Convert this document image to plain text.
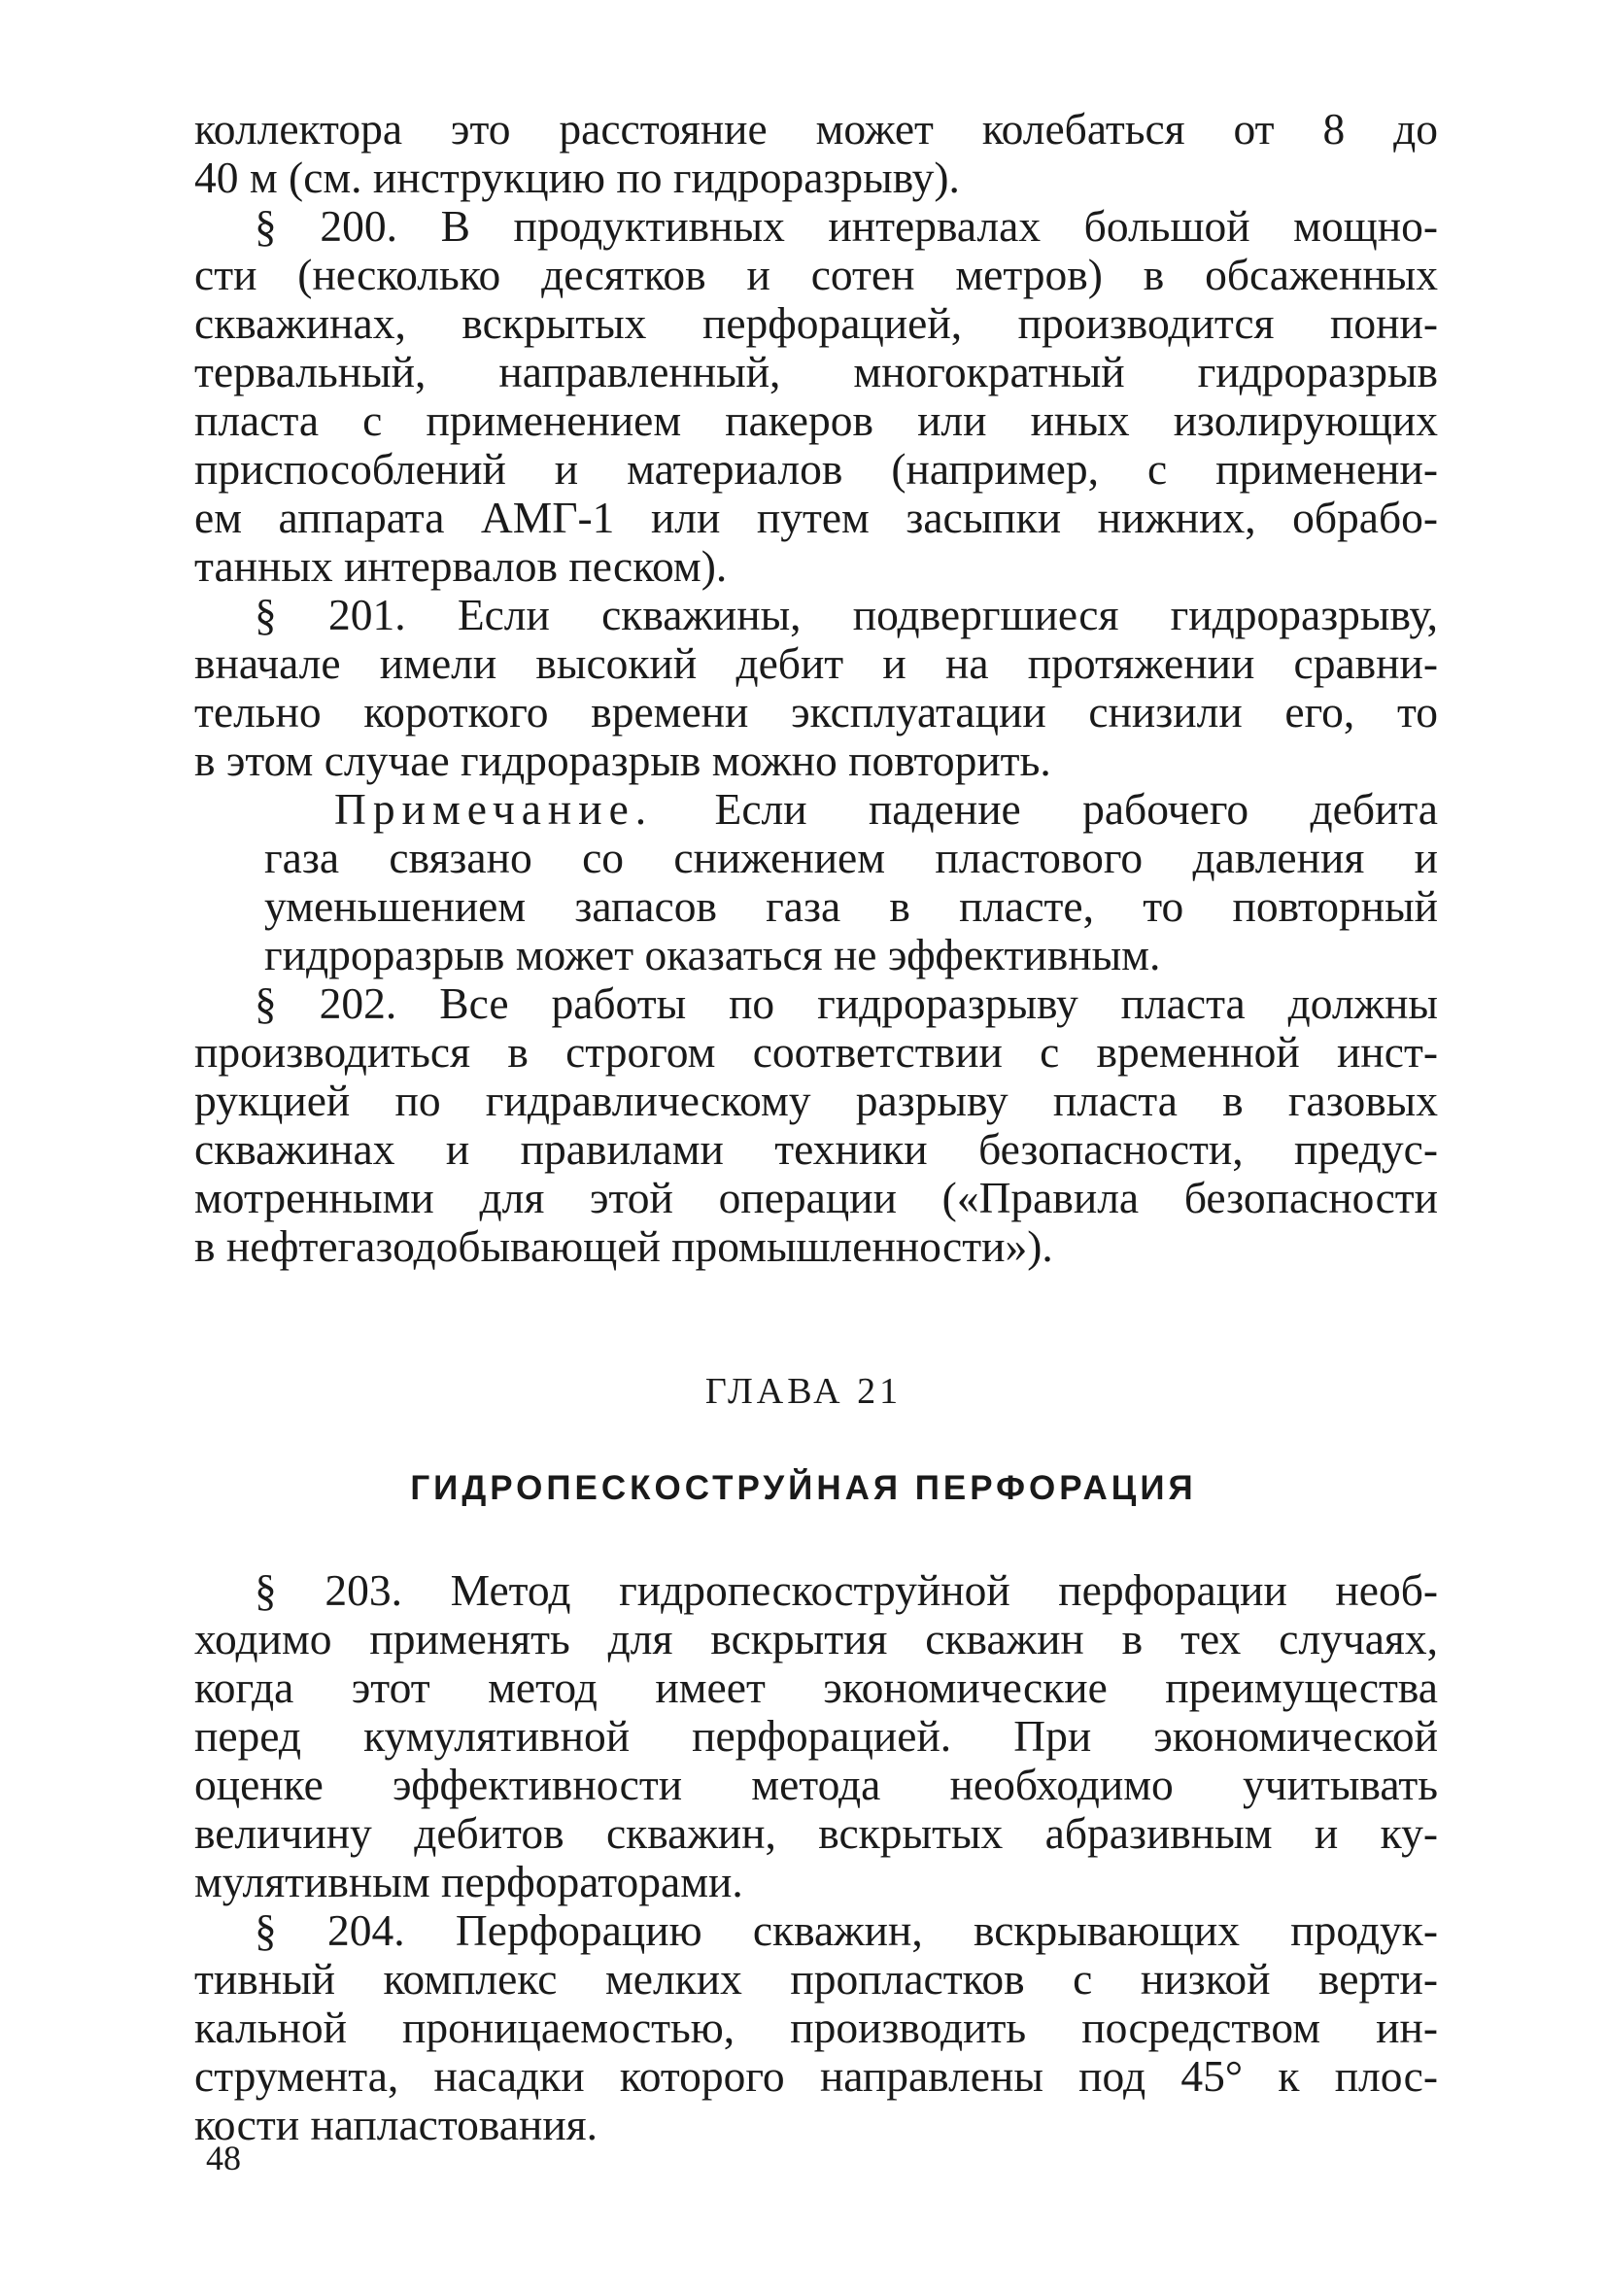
коллектора это расстояние может колебаться от 8 до
40 м (см. инструкцию по гидроразрыву).
§ 200. В продуктивных интервалах большой мощно-
сти (несколько десятков и сотен метров) в обсаженных
скважинах, вскрытых перфорацией, производится пони-
тервальный, направленный, многократный гидроразрыв
пласта с применением пакеров или иных изолирующих
приспособлений и материалов (например, с применени-
ем аппарата АМГ-1 или путем засыпки нижних, обрабо-
танных интервалов песком).
§ 201. Если скважины, подвергшиеся гидроразрыву,
вначале имели высокий дебит и на протяжении сравни-
тельно короткого времени эксплуатации снизили его, то
в этом случае гидроразрыв можно повторить.
Примечание. Если падение рабочего дебита
газа связано со снижением пластового давления и
уменьшением запасов газа в пласте, то повторный
гидроразрыв может оказаться не эффективным.
§ 202. Все работы по гидроразрыву пласта должны
производиться в строгом соответствии с временной инст-
рукцией по гидравлическому разрыву пласта в газовых
скважинах и правилами техники безопасности, предус-
мотренными для этой операции («Правила безопасности
в нефтегазодобывающей промышленности»).
ГЛАВА 21
ГИДРОПЕСКОСТРУЙНАЯ ПЕРФОРАЦИЯ
§ 203. Метод гидропескоструйной перфорации необ-
ходимо применять для вскрытия скважин в тех случаях,
когда этот метод имеет экономические преимущества
перед кумулятивной перфорацией. При экономической
оценке эффективности метода необходимо учитывать
величину дебитов скважин, вскрытых абразивным и ку-
мулятивным перфораторами.
§ 204. Перфорацию скважин, вскрывающих продук-
тивный комплекс мелких пропластков с низкой верти-
кальной проницаемостью, производить посредством ин-
струмента, насадки которого направлены под 45° к плос-
кости напластования.
48
